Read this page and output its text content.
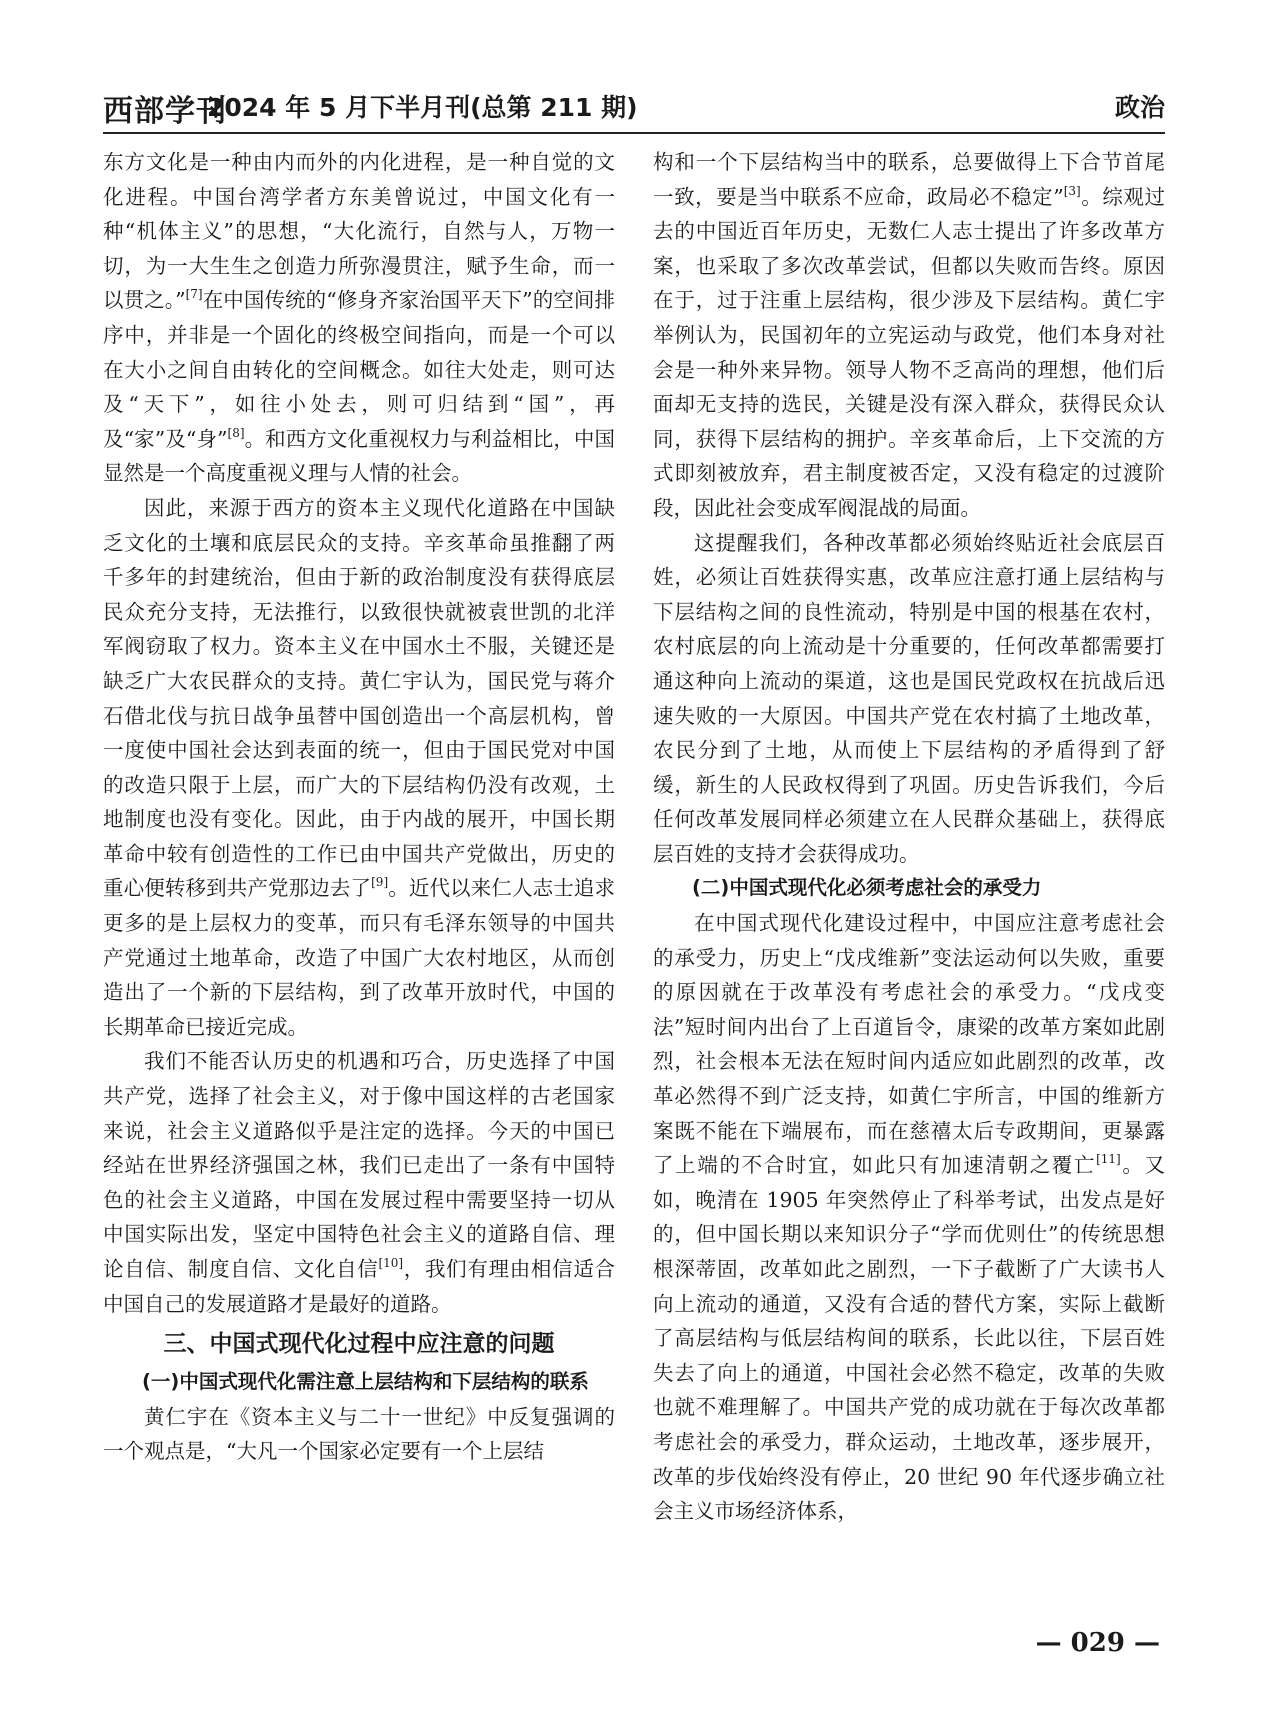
西部学刊
2024 年 5 月下半月刊(总第 211 期)	政治

东方文化是一种由内而外的内化进程，是一种自觉的文化进程。中国台湾学者方东美曾说过，中国文化有一种“机体主义”的思想，“大化流行，自然与人，万物一切，为一大生生之创造力所弥漫贯注，赋予生命，而一以贯之。”[7]在中国传统的“修身齐家治国平天下”的空间排序中，并非是一个固化的终极空间指向，而是一个可以在大小之间自由转化的空间概念。如往大处走，则可达及“天下”，如往小处去，则可归结到“国”，再及“家”及“身”[8]。和西方文化重视权力与利益相比，中国显然是一个高度重视义理与人情的社会。

因此，来源于西方的资本主义现代化道路在中国缺乏文化的土壤和底层民众的支持。辛亥革命虽推翻了两千多年的封建统治，但由于新的政治制度没有获得底层民众充分支持，无法推行，以致很快就被袁世凯的北洋军阀窃取了权力。资本主义在中国水土不服，关键还是缺乏广大农民群众的支持。黄仁宇认为，国民党与蒋介石借北伐与抗日战争虽替中国创造出一个高层机构，曾一度使中国社会达到表面的统一，但由于国民党对中国的改造只限于上层，而广大的下层结构仍没有改观，土地制度也没有变化。因此，由于内战的展开，中国长期革命中较有创造性的工作已由中国共产党做出，历史的重心便转移到共产党那边去了[9]。近代以来仁人志士追求更多的是上层权力的变革，而只有毛泽东领导的中国共产党通过土地革命，改造了中国广大农村地区，从而创造出了一个新的下层结构，到了改革开放时代，中国的长期革命已接近完成。

我们不能否认历史的机遇和巧合，历史选择了中国共产党，选择了社会主义，对于像中国这样的古老国家来说，社会主义道路似乎是注定的选择。今天的中国已经站在世界经济强国之林，我们已走出了一条有中国特色的社会主义道路，中国在发展过程中需要坚持一切从中国实际出发，坚定中国特色社会主义的道路自信、理论自信、制度自信、文化自信[10]，我们有理由相信适合中国自己的发展道路才是最好的道路。

三、中国式现代化过程中应注意的问题

(一)中国式现代化需注意上层结构和下层结构的联系

黄仁宇在《资本主义与二十一世纪》中反复强调的一个观点是，“大凡一个国家必定要有一个上层结

构和一个下层结构当中的联系，总要做得上下合节首尾一致，要是当中联系不应命，政局必不稳定”[3]。综观过去的中国近百年历史，无数仁人志士提出了许多改革方案，也采取了多次改革尝试，但都以失败而告终。原因在于，过于注重上层结构，很少涉及下层结构。黄仁宇举例认为，民国初年的立宪运动与政党，他们本身对社会是一种外来异物。领导人物不乏高尚的理想，他们后面却无支持的选民，关键是没有深入群众，获得民众认同，获得下层结构的拥护。辛亥革命后，上下交流的方式即刻被放弃，君主制度被否定，又没有稳定的过渡阶段，因此社会变成军阀混战的局面。

这提醒我们，各种改革都必须始终贴近社会底层百姓，必须让百姓获得实惠，改革应注意打通上层结构与下层结构之间的良性流动，特别是中国的根基在农村，农村底层的向上流动是十分重要的，任何改革都需要打通这种向上流动的渠道，这也是国民党政权在抗战后迅速失败的一大原因。中国共产党在农村搞了土地改革，农民分到了土地，从而使上下层结构的矛盾得到了舒缓，新生的人民政权得到了巩固。历史告诉我们，今后任何改革发展同样必须建立在人民群众基础上，获得底层百姓的支持才会获得成功。

(二)中国式现代化必须考虑社会的承受力

在中国式现代化建设过程中，中国应注意考虑社会的承受力，历史上“戊戌维新”变法运动何以失败，重要的原因就在于改革没有考虑社会的承受力。“戊戌变法”短时间内出台了上百道旨令，康梁的改革方案如此剧烈，社会根本无法在短时间内适应如此剧烈的改革，改革必然得不到广泛支持，如黄仁宇所言，中国的维新方案既不能在下端展布，而在慈禧太后专政期间，更暴露了上端的不合时宜，如此只有加速清朝之覆亡[11]。又如，晚清在 1905 年突然停止了科举考试，出发点是好的，但中国长期以来知识分子“学而优则仕”的传统思想根深蒂固，改革如此之剧烈，一下子截断了广大读书人向上流动的通道，又没有合适的替代方案，实际上截断了高层结构与低层结构间的联系，长此以往，下层百姓失去了向上的通道，中国社会必然不稳定，改革的失败也就不难理解了。中国共产党的成功就在于每次改革都考虑社会的承受力，群众运动，土地改革，逐步展开，改革的步伐始终没有停止，20 世纪 90 年代逐步确立社会主义市场经济体系，

— 029 —
